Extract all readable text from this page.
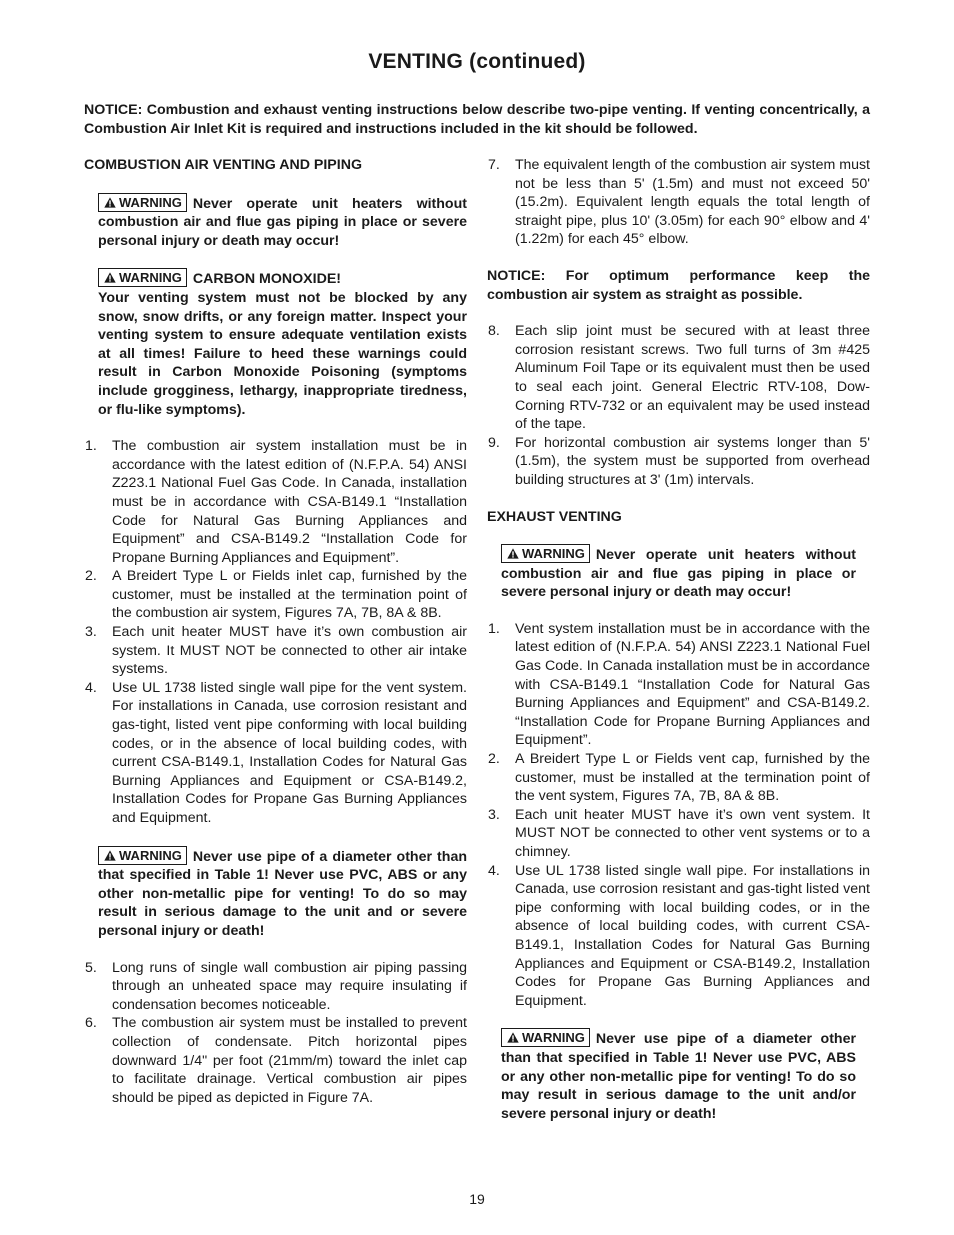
VENTING (continued)
NOTICE: Combustion and exhaust venting instructions below describe two-pipe venting. If venting concentrically, a Combustion Air Inlet Kit is required and instructions included in the kit should be followed.

COMBUSTION AIR VENTING AND PIPING

WARNING Never operate unit heaters without combustion air and flue gas piping in place or severe personal injury or death may occur!
WARNING CARBON MONOXIDE!
Your venting system must not be blocked by any snow, snow drifts, or any foreign matter. Inspect your venting system to ensure adequate ventilation exists at all times! Failure to heed these warnings could result in Carbon Monoxide Poisoning (symptoms include grogginess, lethargy, inappropriate tiredness, or flu-like symptoms).
1. The combustion air system installation must be in accordance with the latest edition of (N.F.P.A. 54) ANSI Z223.1 National Fuel Gas Code. In Canada, installation must be in accordance with CSA-B149.1 “Installation Code for Natural Gas Burning Appliances and Equipment” and CSA-B149.2 “Installation Code for Propane Burning Appliances and Equipment”.
2. A Breidert Type L or Fields inlet cap, furnished by the customer, must be installed at the termination point of the combustion air system, Figures 7A, 7B, 8A & 8B.
3. Each unit heater MUST have it’s own combustion air system. It MUST NOT be connected to other air intake systems.
4. Use UL 1738 listed single wall pipe for the vent system. For installations in Canada, use corrosion resistant and gas-tight, listed vent pipe conforming with local building codes, or in the absence of local building codes, with current CSA-B149.1, Installation Codes for Natural Gas Burning Appliances and Equipment or CSA-B149.2, Installation Codes for Propane Gas Burning Appliances and Equipment.
WARNING Never use pipe of a diameter other than that specified in Table 1! Never use PVC, ABS or any other non-metallic pipe for venting! To do so may result in serious damage to the unit and or severe personal injury or death!
5. Long runs of single wall combustion air piping passing through an unheated space may require insulating if condensation becomes noticeable.
6. The combustion air system must be installed to prevent collection of condensate. Pitch horizontal pipes downward 1/4" per foot (21mm/m) toward the inlet cap to facilitate drainage. Vertical combustion air pipes should be piped as depicted in Figure 7A.
7. The equivalent length of the combustion air system must not be less than 5' (1.5m) and must not exceed 50' (15.2m). Equivalent length equals the total length of straight pipe, plus 10' (3.05m) for each 90° elbow and 4' (1.22m) for each 45° elbow.
NOTICE: For optimum performance keep the combustion air system as straight as possible.
8. Each slip joint must be secured with at least three corrosion resistant screws. Two full turns of 3m #425 Aluminum Foil Tape or its equivalent must then be used to seal each joint. General Electric RTV-108, Dow-Corning RTV-732 or an equivalent may be used instead of the tape.
9. For horizontal combustion air systems longer than 5' (1.5m), the system must be supported from overhead building structures at 3' (1m) intervals.

EXHAUST VENTING

WARNING Never operate unit heaters without combustion air and flue gas piping in place or severe personal injury or death may occur!
1. Vent system installation must be in accordance with the latest edition of (N.F.P.A. 54) ANSI Z223.1 National Fuel Gas Code. In Canada installation must be in accordance with CSA-B149.1 “Installation Code for Natural Gas Burning Appliances and Equipment” and CSA-B149.2. “Installation Code for Propane Burning Appliances and Equipment”.
2. A Breidert Type L or Fields vent cap, furnished by the customer, must be installed at the termination point of the vent system, Figures 7A, 7B, 8A & 8B.
3. Each unit heater MUST have it’s own vent system. It MUST NOT be connected to other vent systems or to a chimney.
4. Use UL 1738 listed single wall pipe. For installations in Canada, use corrosion resistant and gas-tight listed vent pipe conforming with local building codes, or in the absence of local building codes, with current CSA-B149.1, Installation Codes for Natural Gas Burning Appliances and Equipment or CSA-B149.2, Installation Codes for Propane Gas Burning Appliances and Equipment.
WARNING Never use pipe of a diameter other than that specified in Table 1! Never use PVC, ABS or any other non-metallic pipe for venting! To do so may result in serious damage to the unit and/or severe personal injury or death!
19
